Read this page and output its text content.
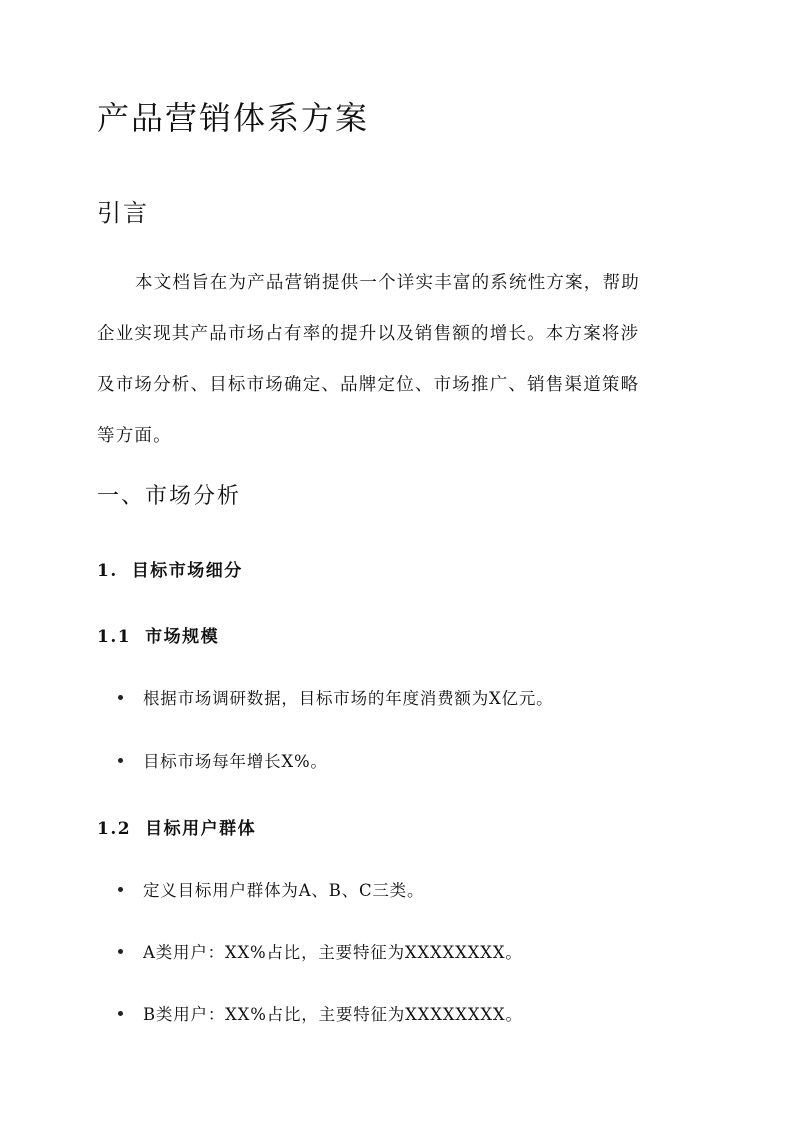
产品营销体系方案
引言

本文档旨在为产品营销提供一个详实丰富的系统性方案，帮助
企业实现其产品市场占有率的提升以及销售额的增长。本方案将涉
及市场分析、目标市场确定、品牌定位、市场推广、销售渠道策略
等方面。

一、市场分析
1. 目标市场细分
1.1 市场规模

根据市场调研数据，目标市场的年度消费额为X亿元。

目标市场每年增长X%。

1.2 目标用户群体

定义目标用户群体为A、B、C三类。

A类用户：XX%占比，主要特征为XXXXXXXX。

B类用户：XX%占比，主要特征为XXXXXXXX。
